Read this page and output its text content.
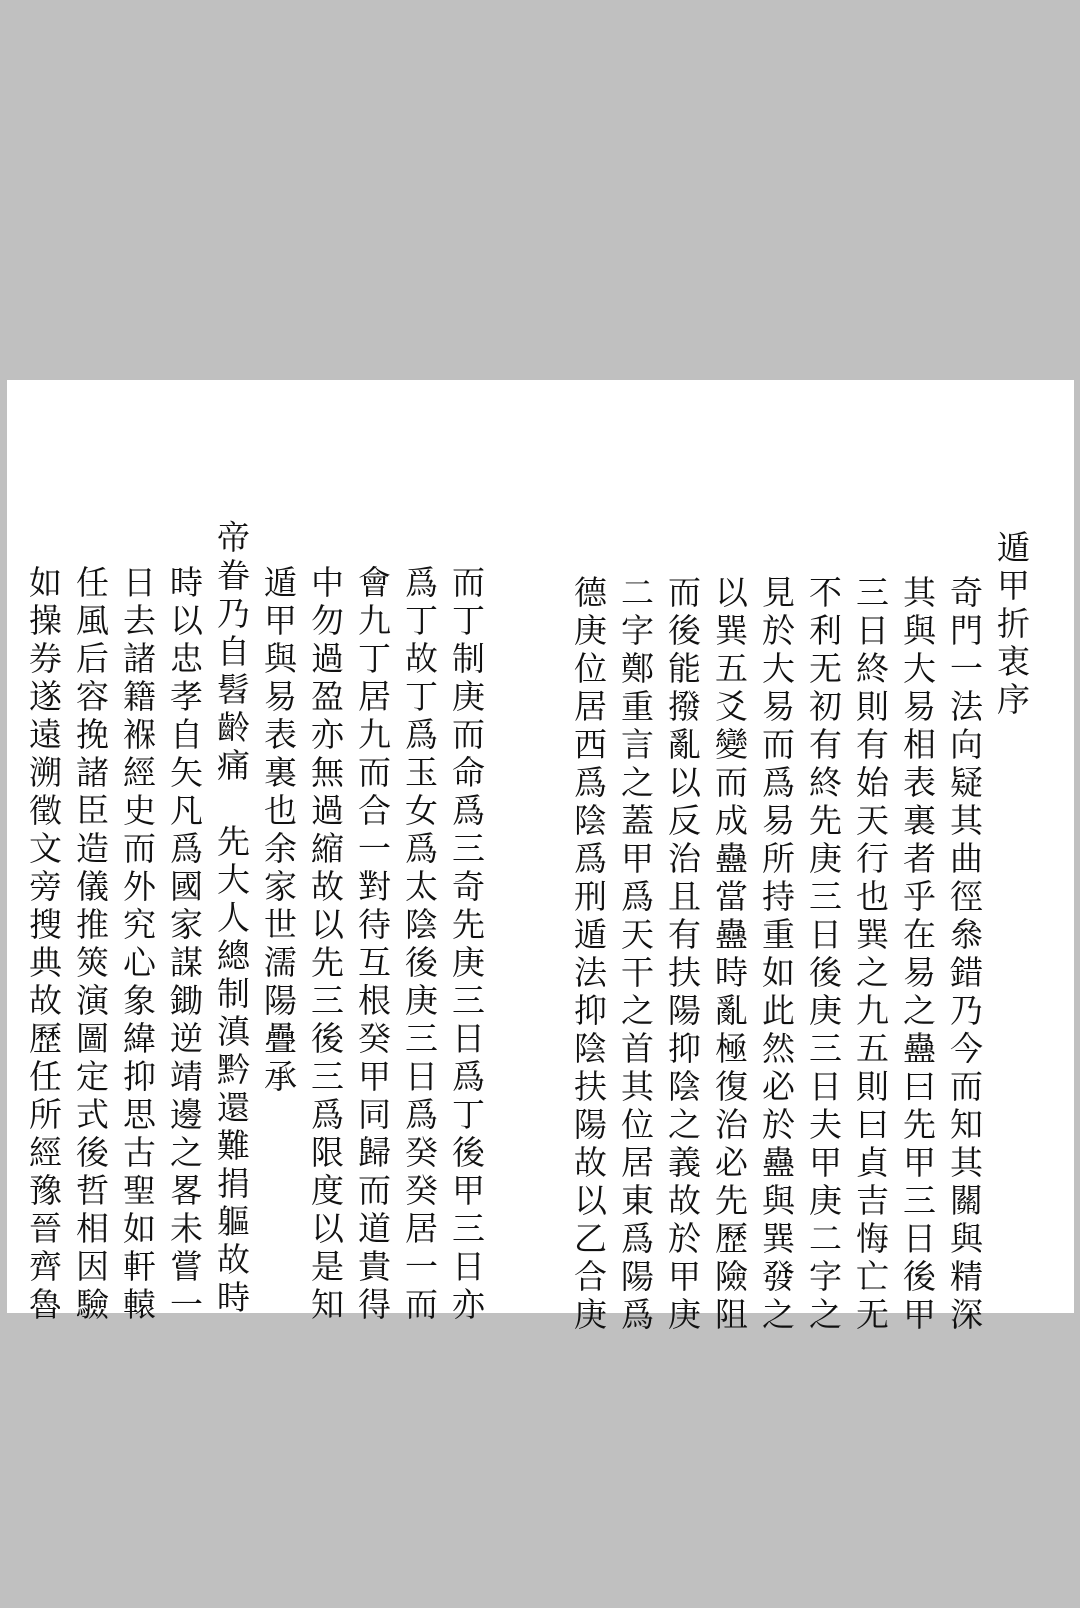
遁甲折衷序
奇門一法向疑其曲徑叅錯乃今而知其關與精深
其與大易相表裏者乎在易之蠱曰先甲三日後甲
三日終則有始天行也巽之九五則曰貞吉悔亡无
不利无初有終先庚三日後庚三日夫甲庚二字之
見於大易而爲易所持重如此然必於蠱與巽發之
以巽五爻變而成蠱當蠱時亂極復治必先歷險阻
而後能撥亂以反治且有扶陽抑陰之義故於甲庚
二字鄭重言之蓋甲爲天干之首其位居東爲陽爲
德庚位居西爲陰爲刑遁法抑陰扶陽故以乙合庚
而丁制庚而命爲三奇先庚三日爲丁後甲三日亦
爲丁故丁爲玉女爲太陰後庚三日爲癸癸居一而
會九丁居九而合一對待互根癸甲同歸而道貴得
中勿過盈亦無過縮故以先三後三爲限度以是知
遁甲與易表裏也余家世濡陽疊承
帝眷乃自髫齡痛　先大人總制滇黔還難捐軀故時
時以忠孝自矢凡爲國家謀鋤逆靖邊之畧未嘗一
日去諸籍褓經史而外究心象緯抑思古聖如軒轅
任風后容挽諸臣造儀推筴演圖定式後哲相因驗
如操券遂遠溯徵文旁搜典故歷任所經豫晉齊魯
